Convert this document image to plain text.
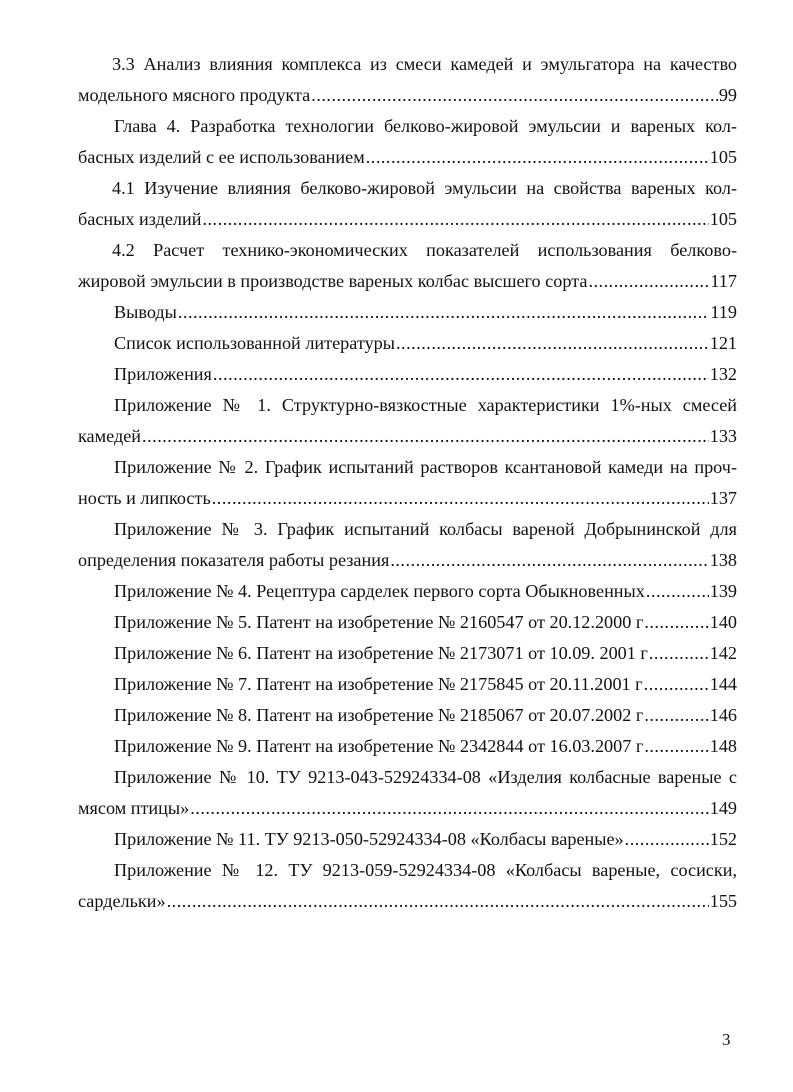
3.3 Анализ влияния комплекса из смеси камедей и эмульгатора на качество
модельного мясного продукта .....	99
Глава 4. Разработка технологии белково-жировой эмульсии и вареных кол-
басных изделий с ее использованием .....	105
4.1 Изучение влияния белково-жировой эмульсии на свойства вареных кол-
басных изделий .....	105
4.2 Расчет технико-экономических показателей использования белково-
жировой эмульсии в производстве вареных колбас высшего сорта .....	117
Выводы .....	119
Список использованной литературы .....	121
Приложения .....	132
Приложение № 1. Структурно-вязкостные характеристики 1%-ных смесей
камедей .....	133
Приложение № 2. График испытаний растворов ксантановой камеди на проч-
ность и липкость .....	137
Приложение № 3. График испытаний колбасы вареной Добрынинской для
определения показателя работы резания .....	138
Приложение № 4. Рецептура сарделек первого сорта Обыкновенных .....	139
Приложение № 5. Патент на изобретение № 2160547 от 20.12.2000 г .....	140
Приложение № 6. Патент на изобретение № 2173071 от 10.09. 2001 г .....	142
Приложение № 7. Патент на изобретение № 2175845 от 20.11.2001 г .....	144
Приложение № 8. Патент на изобретение № 2185067 от 20.07.2002 г .....	146
Приложение № 9. Патент на изобретение № 2342844 от 16.03.2007 г .....	148
Приложение № 10. ТУ 9213-043-52924334-08 «Изделия колбасные вареные с
мясом птицы» .....	149
Приложение № 11. ТУ 9213-050-52924334-08 «Колбасы вареные» .....	152
Приложение № 12. ТУ 9213-059-52924334-08 «Колбасы вареные, сосиски,
сардельки» .....	155
3
